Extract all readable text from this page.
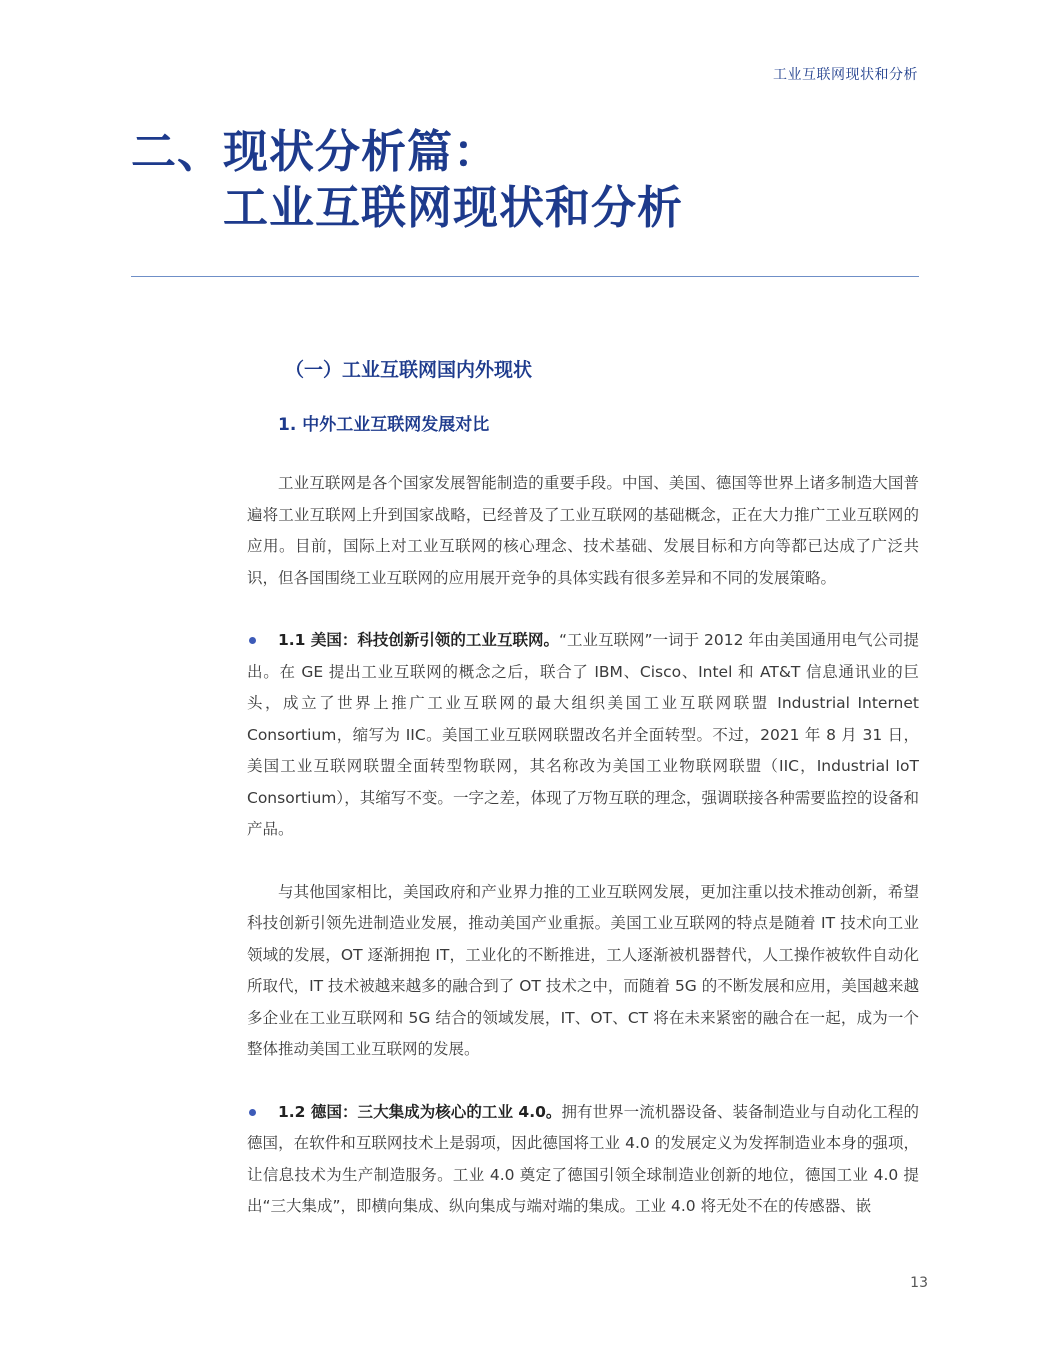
工业互联网现状和分析
二、现状分析篇：
工业互联网现状和分析
（一）工业互联网国内外现状
1. 中外工业互联网发展对比

工业互联网是各个国家发展智能制造的重要手段。中国、美国、德国等世界上诸多制造大国普遍将工业互联网上升到国家战略，已经普及了工业互联网的基础概念，正在大力推广工业互联网的应用。目前，国际上对工业互联网的核心理念、技术基础、发展目标和方向等都已达成了广泛共识，但各国围绕工业互联网的应用展开竞争的具体实践有很多差异和不同的发展策略。

1.1 美国：科技创新引领的工业互联网。“工业互联网”一词于 2012 年由美国通用电气公司提出。在 GE 提出工业互联网的概念之后，联合了 IBM、Cisco、Intel 和 AT&T 信息通讯业的巨头，成立了世界上推广工业互联网的最大组织美国工业互联网联盟 Industrial Internet Consortium，缩写为 IIC。美国工业互联网联盟改名并全面转型。不过，2021 年 8 月 31 日，美国工业互联网联盟全面转型物联网，其名称改为美国工业物联网联盟（IIC，Industrial IoT Consortium），其缩写不变。一字之差，体现了万物互联的理念，强调联接各种需要监控的设备和产品。

与其他国家相比，美国政府和产业界力推的工业互联网发展，更加注重以技术推动创新，希望科技创新引领先进制造业发展，推动美国产业重振。美国工业互联网的特点是随着 IT 技术向工业领域的发展，OT 逐渐拥抱 IT，工业化的不断推进，工人逐渐被机器替代，人工操作被软件自动化所取代，IT 技术被越来越多的融合到了 OT 技术之中，而随着 5G 的不断发展和应用，美国越来越多企业在工业互联网和 5G 结合的领域发展，IT、OT、CT 将在未来紧密的融合在一起，成为一个整体推动美国工业互联网的发展。

1.2 德国：三大集成为核心的工业 4.0。拥有世界一流机器设备、装备制造业与自动化工程的德国，在软件和互联网技术上是弱项，因此德国将工业 4.0 的发展定义为发挥制造业本身的强项，让信息技术为生产制造服务。工业 4.0 奠定了德国引领全球制造业创新的地位，德国工业 4.0 提出“三大集成”，即横向集成、纵向集成与端对端的集成。工业 4.0 将无处不在的传感器、嵌

13
